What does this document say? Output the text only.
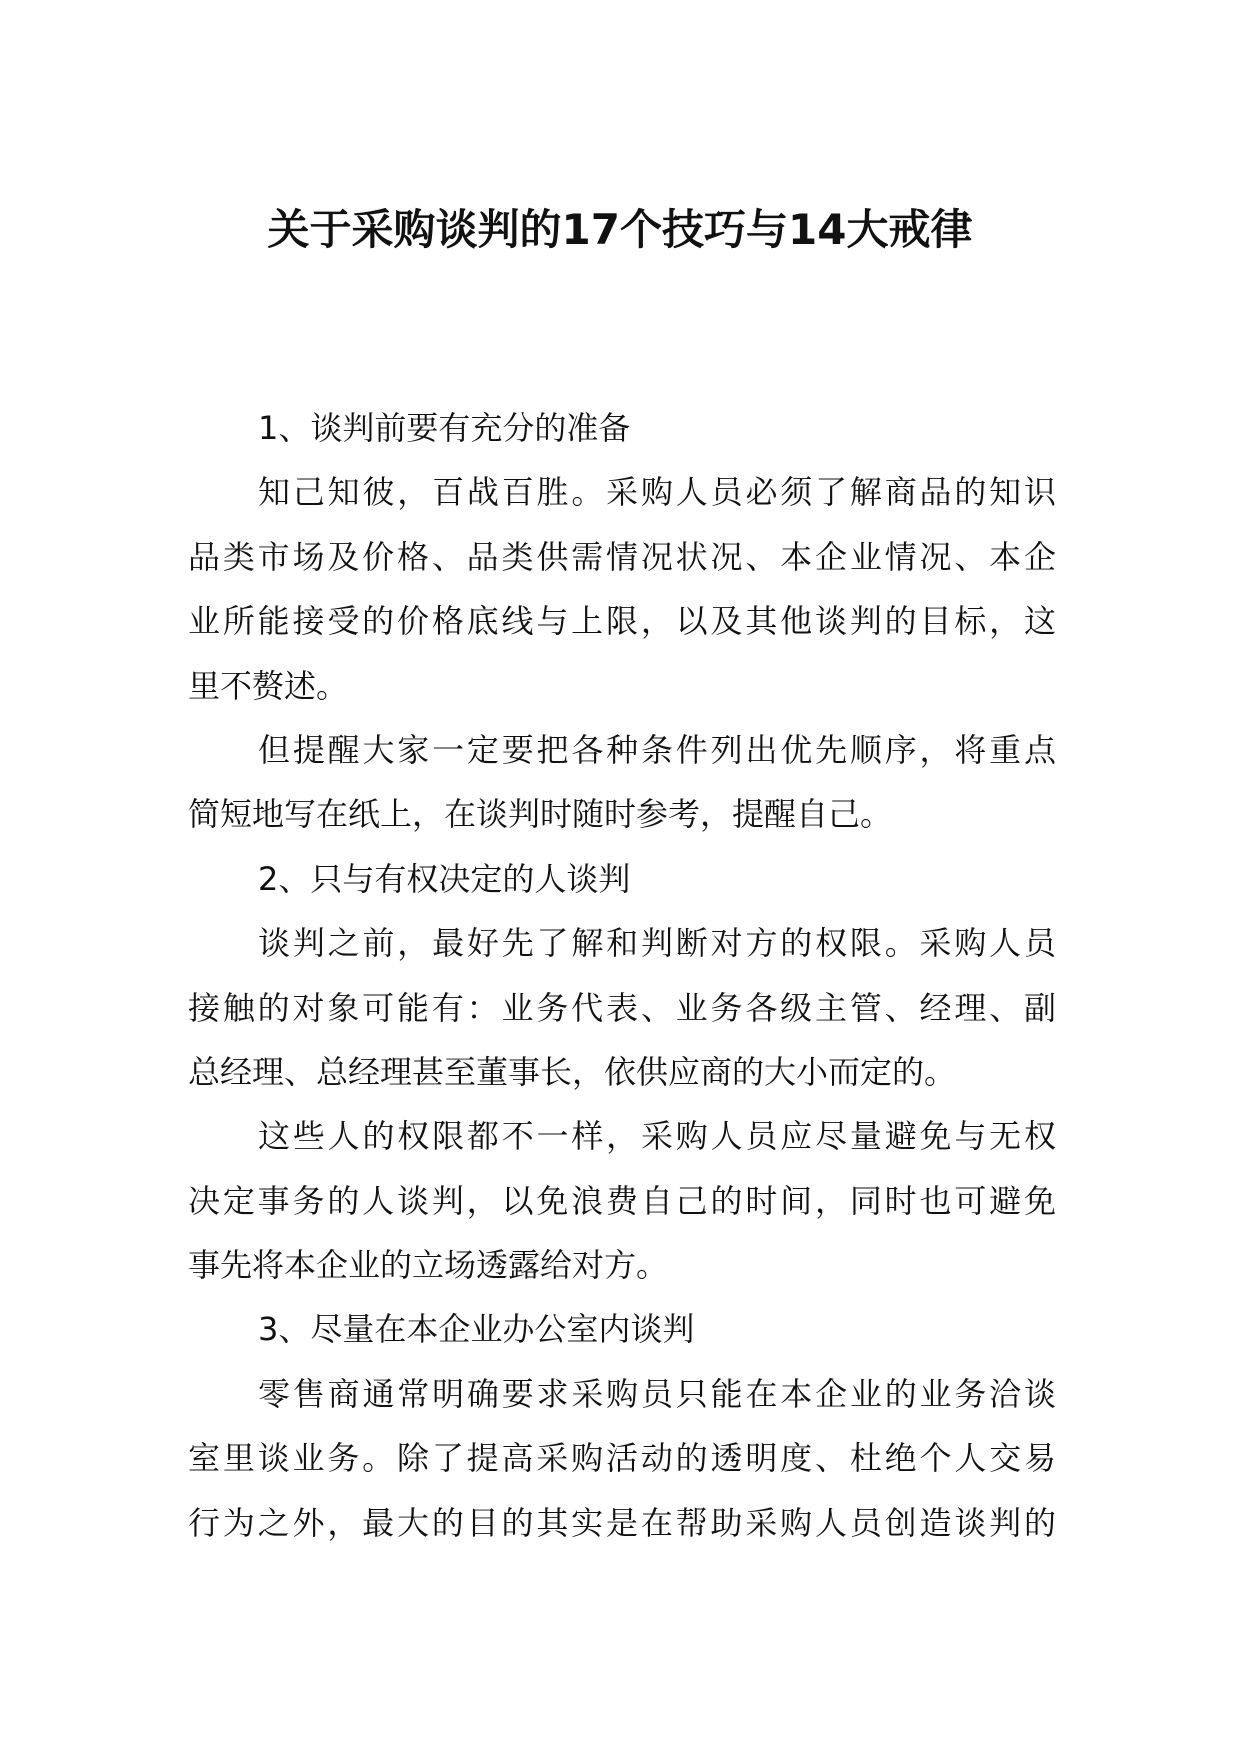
关于采购谈判的17个技巧与14大戒律
1、谈判前要有充分的准备
知己知彼，百战百胜。采购人员必须了解商品的知识
品类市场及价格、品类供需情况状况、本企业情况、本企
业所能接受的价格底线与上限，以及其他谈判的目标，这
里不赘述。
但提醒大家一定要把各种条件列出优先顺序，将重点
简短地写在纸上，在谈判时随时参考，提醒自己。
2、只与有权决定的人谈判
谈判之前，最好先了解和判断对方的权限。采购人员
接触的对象可能有：业务代表、业务各级主管、经理、副
总经理、总经理甚至董事长，依供应商的大小而定的。
这些人的权限都不一样，采购人员应尽量避免与无权
决定事务的人谈判，以免浪费自己的时间，同时也可避免
事先将本企业的立场透露给对方。
3、尽量在本企业办公室内谈判
零售商通常明确要求采购员只能在本企业的业务洽谈
室里谈业务。除了提高采购活动的透明度、杜绝个人交易
行为之外，最大的目的其实是在帮助采购人员创造谈判的
